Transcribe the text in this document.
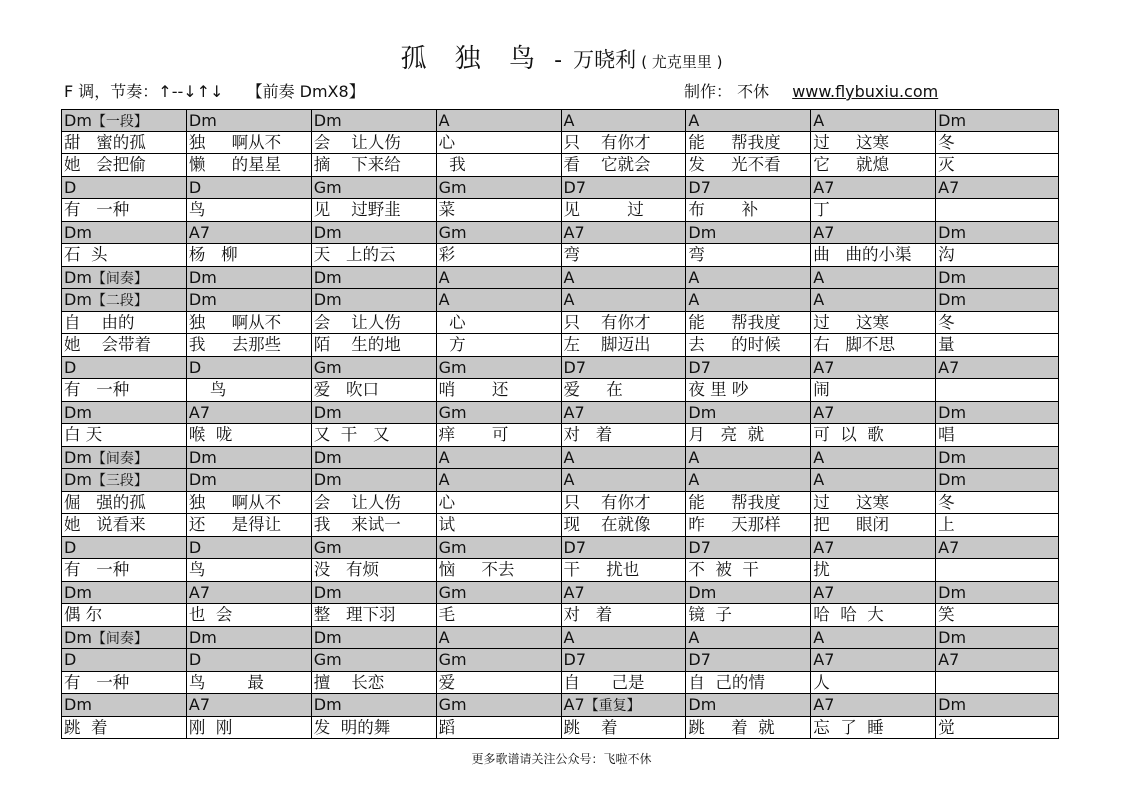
孤 独 鸟 - 万晓利 ( 尤克里里 )
F 调，节奏：↑--↓↑↓ 【前奏 DmX8】	制作： 不休 www.flybuxiu.com
Dm【一段】	Dm	Dm	A	A	A	A	Dm
甜   蜜的孤	独     啊从不	会    让人伤	心	只    有你才	能     帮我度	过     这寒	冬
她   会把偷	懒     的星星	摘    下来给	我	看    它就会	发     光不看	它     就熄	灭
D	D	Gm	Gm	D7	D7	A7	A7
有   一种	鸟	见    过野韭	菜	见         过	布       补	丁
Dm	A7	Dm	Gm	A7	Dm	A7	Dm
石  头	杨   柳	天   上的云	彩	弯	弯	曲   曲的小渠	沟
Dm【间奏】	Dm	Dm	A	A	A	A	Dm
Dm【二段】	Dm	Dm	A	A	A	A	Dm
自    由的	独     啊从不	会    让人伤	心	只    有你才	能     帮我度	过     这寒	冬
她    会带着	我     去那些	陌    生的地	方	左    脚迈出	去     的时候	右   脚不思	量
D	D	Gm	Gm	D7	D7	A7	A7
有   一种	鸟	爱   吹口	哨       还	爱     在	夜 里 吵	闹
Dm	A7	Dm	Gm	A7	Dm	A7	Dm
白 天	喉  咙	又  干   又	痒       可	对   着	月   亮  就	可  以  歌	唱
Dm【间奏】	Dm	Dm	A	A	A	A	Dm
Dm【三段】	Dm	Dm	A	A	A	A	Dm
倔   强的孤	独     啊从不	会    让人伤	心	只    有你才	能     帮我度	过     这寒	冬
她   说看来	还     是得让	我    来试一	试	现    在就像	昨     天那样	把     眼闭	上
D	D	Gm	Gm	D7	D7	A7	A7
有   一种	鸟	没   有烦	恼     不去	干     扰也	不  被  干	扰
Dm	A7	Dm	Gm	A7	Dm	A7	Dm
偶 尔	也  会	整   理下羽	毛	对   着	镜  子	哈  哈  大	笑
Dm【间奏】	Dm	Dm	A	A	A	A	Dm
D	D	Gm	Gm	D7	D7	A7	A7
有   一种	鸟        最	擅    长恋	爱	自      己是	自  己的情	人
Dm	A7	Dm	Gm	A7【重复】	Dm	A7	Dm
跳  着	刚  刚	发  明的舞	蹈	跳    着	跳     着  就	忘  了  睡	觉
更多歌谱请关注公众号：飞啦不休
